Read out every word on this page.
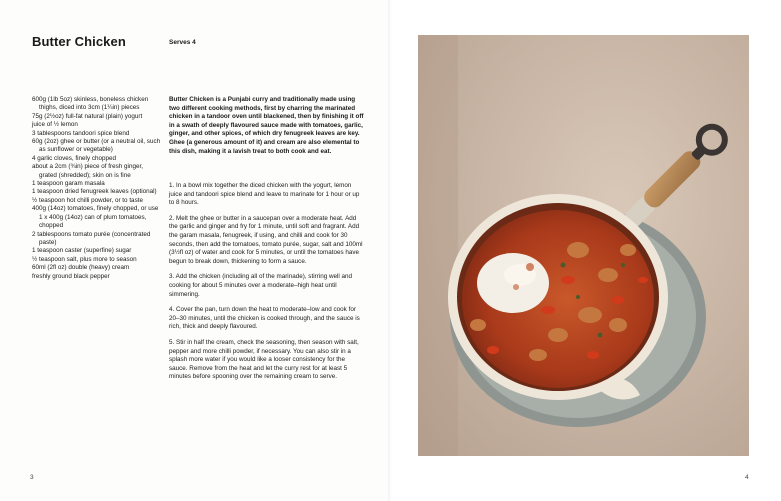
Butter Chicken	Serves 4
600g (1lb 5oz) skinless, boneless chicken thighs, diced into 3cm (1¼in) pieces
75g (2½oz) full-fat natural (plain) yogurt
juice of ½ lemon
3 tablespoons tandoori spice blend
60g (2oz) ghee or butter (or a neutral oil, such as sunflower or vegetable)
4 garlic cloves, finely chopped
about a 2cm (¾in) piece of fresh ginger, grated (shredded); skin on is fine
1 teaspoon garam masala
1 teaspoon dried fenugreek leaves (optional)
½ teaspoon hot chilli powder, or to taste
400g (14oz) tomatoes, finely chopped, or use 1 x 400g (14oz) can of plum tomatoes, chopped
2 tablespoons tomato purée (concentrated paste)
1 teaspoon caster (superfine) sugar
½ teaspoon salt, plus more to season
60ml (2fl oz) double (heavy) cream
freshly ground black pepper

Butter Chicken is a Punjabi curry and traditionally made using two different cooking methods, first by charring the marinated chicken in a tandoor oven until blackened, then by finishing it off in a swath of deeply flavoured sauce made with tomatoes, garlic, ginger, and other spices, of which dry fenugreek leaves are key. Ghee (a generous amount of it) and cream are also elemental to this dish, making it a lavish treat to both cook and eat.

1. In a bowl mix together the diced chicken with the yogurt, lemon juice and tandoori spice blend and leave to marinate for 1 hour or up to 8 hours.
2. Melt the ghee or butter in a saucepan over a moderate heat. Add the garlic and ginger and fry for 1 minute, until soft and fragrant. Add the garam masala, fenugreek, if using, and chilli and cook for 30 seconds, then add the tomatoes, tomato purée, sugar, salt and 100ml (3½fl oz) of water and cook for 5 minutes, or until the tomatoes have begun to break down, thickening to form a sauce.
3. Add the chicken (including all of the marinade), stirring well and cooking for about 5 minutes over a moderate–high heat until simmering.
4. Cover the pan, turn down the heat to moderate–low and cook for 20–30 minutes, until the chicken is cooked through, and the sauce is rich, thick and deeply flavoured.
5. Stir in half the cream, check the seasoning, then season with salt, pepper and more chilli powder, if necessary. You can also stir in a splash more water if you would like a looser consistency for the sauce. Remove from the heat and let the curry rest for at least 5 minutes before spooning over the remaining cream to serve.
3	4
